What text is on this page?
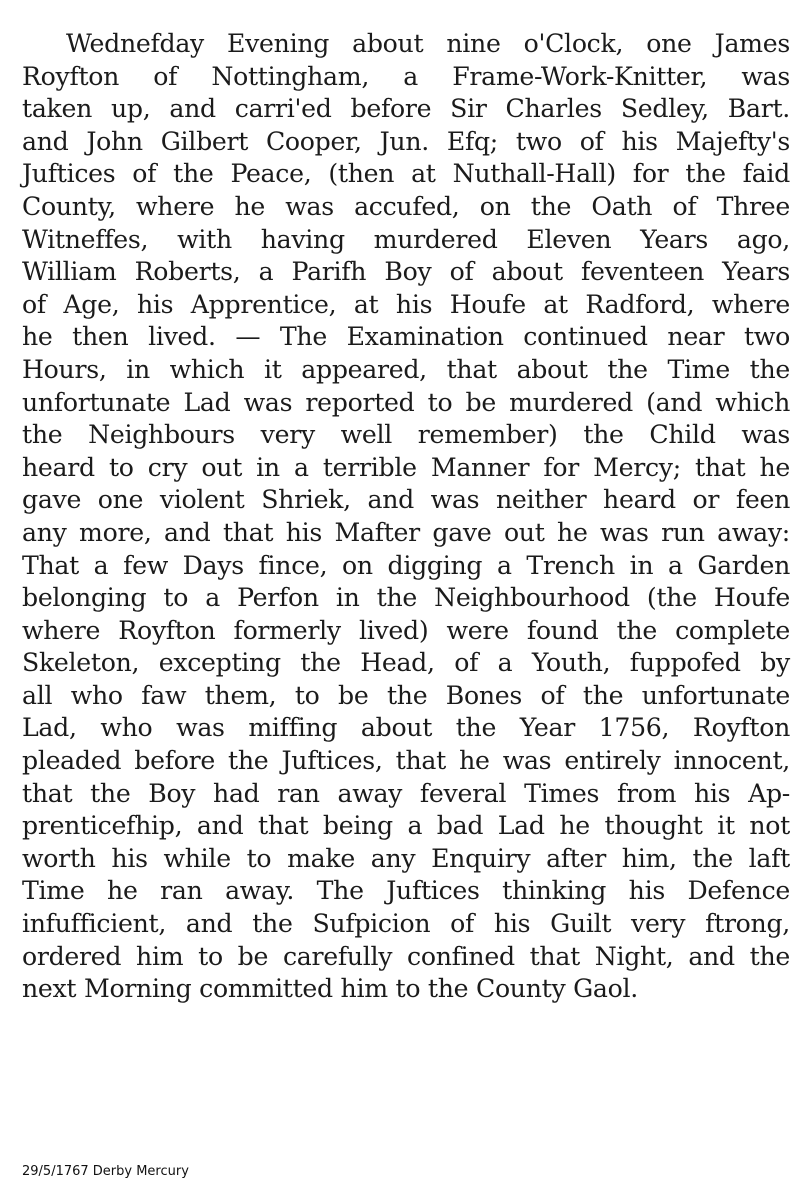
Wednefday Evening about nine o'Clock, one James
Royfton of Nottingham, a Frame-Work-Knitter, was
taken up, and carri'ed before Sir Charles Sedley, Bart.
and John Gilbert Cooper, Jun. Efq; two of his Majefty's
Juftices of the Peace, (then at Nuthall-Hall) for the faid
County, where he was accufed, on the Oath of Three
Witneffes, with having murdered Eleven Years ago,
William Roberts, a Parifh Boy of about feventeen Years
of Age, his Apprentice, at his Houfe at Radford, where
he then lived. — The Examination continued near two
Hours, in which it appeared, that about the Time the
unfortunate Lad was reported to be murdered (and which
the Neighbours very well remember) the Child was
heard to cry out in a terrible Manner for Mercy; that he
gave one violent Shriek, and was neither heard or feen
any more, and that his Mafter gave out he was run away:
That a few Days fince, on digging a Trench in a Garden
belonging to a Perfon in the Neighbourhood (the Houfe
where Royfton formerly lived) were found the complete
Skeleton, excepting the Head, of a Youth, fuppofed by
all who faw them, to be the Bones of the unfortunate
Lad, who was miffing about the Year 1756, Royfton
pleaded before the Juftices, that he was entirely innocent,
that the Boy had ran away feveral Times from his Ap-
prenticefhip, and that being a bad Lad he thought it not
worth his while to make any Enquiry after him, the laft
Time he ran away. The Juftices thinking his Defence
infufficient, and the Sufpicion of his Guilt very ftrong,
ordered him to be carefully confined that Night, and the
next Morning committed him to the County Gaol.
29/5/1767 Derby Mercury
